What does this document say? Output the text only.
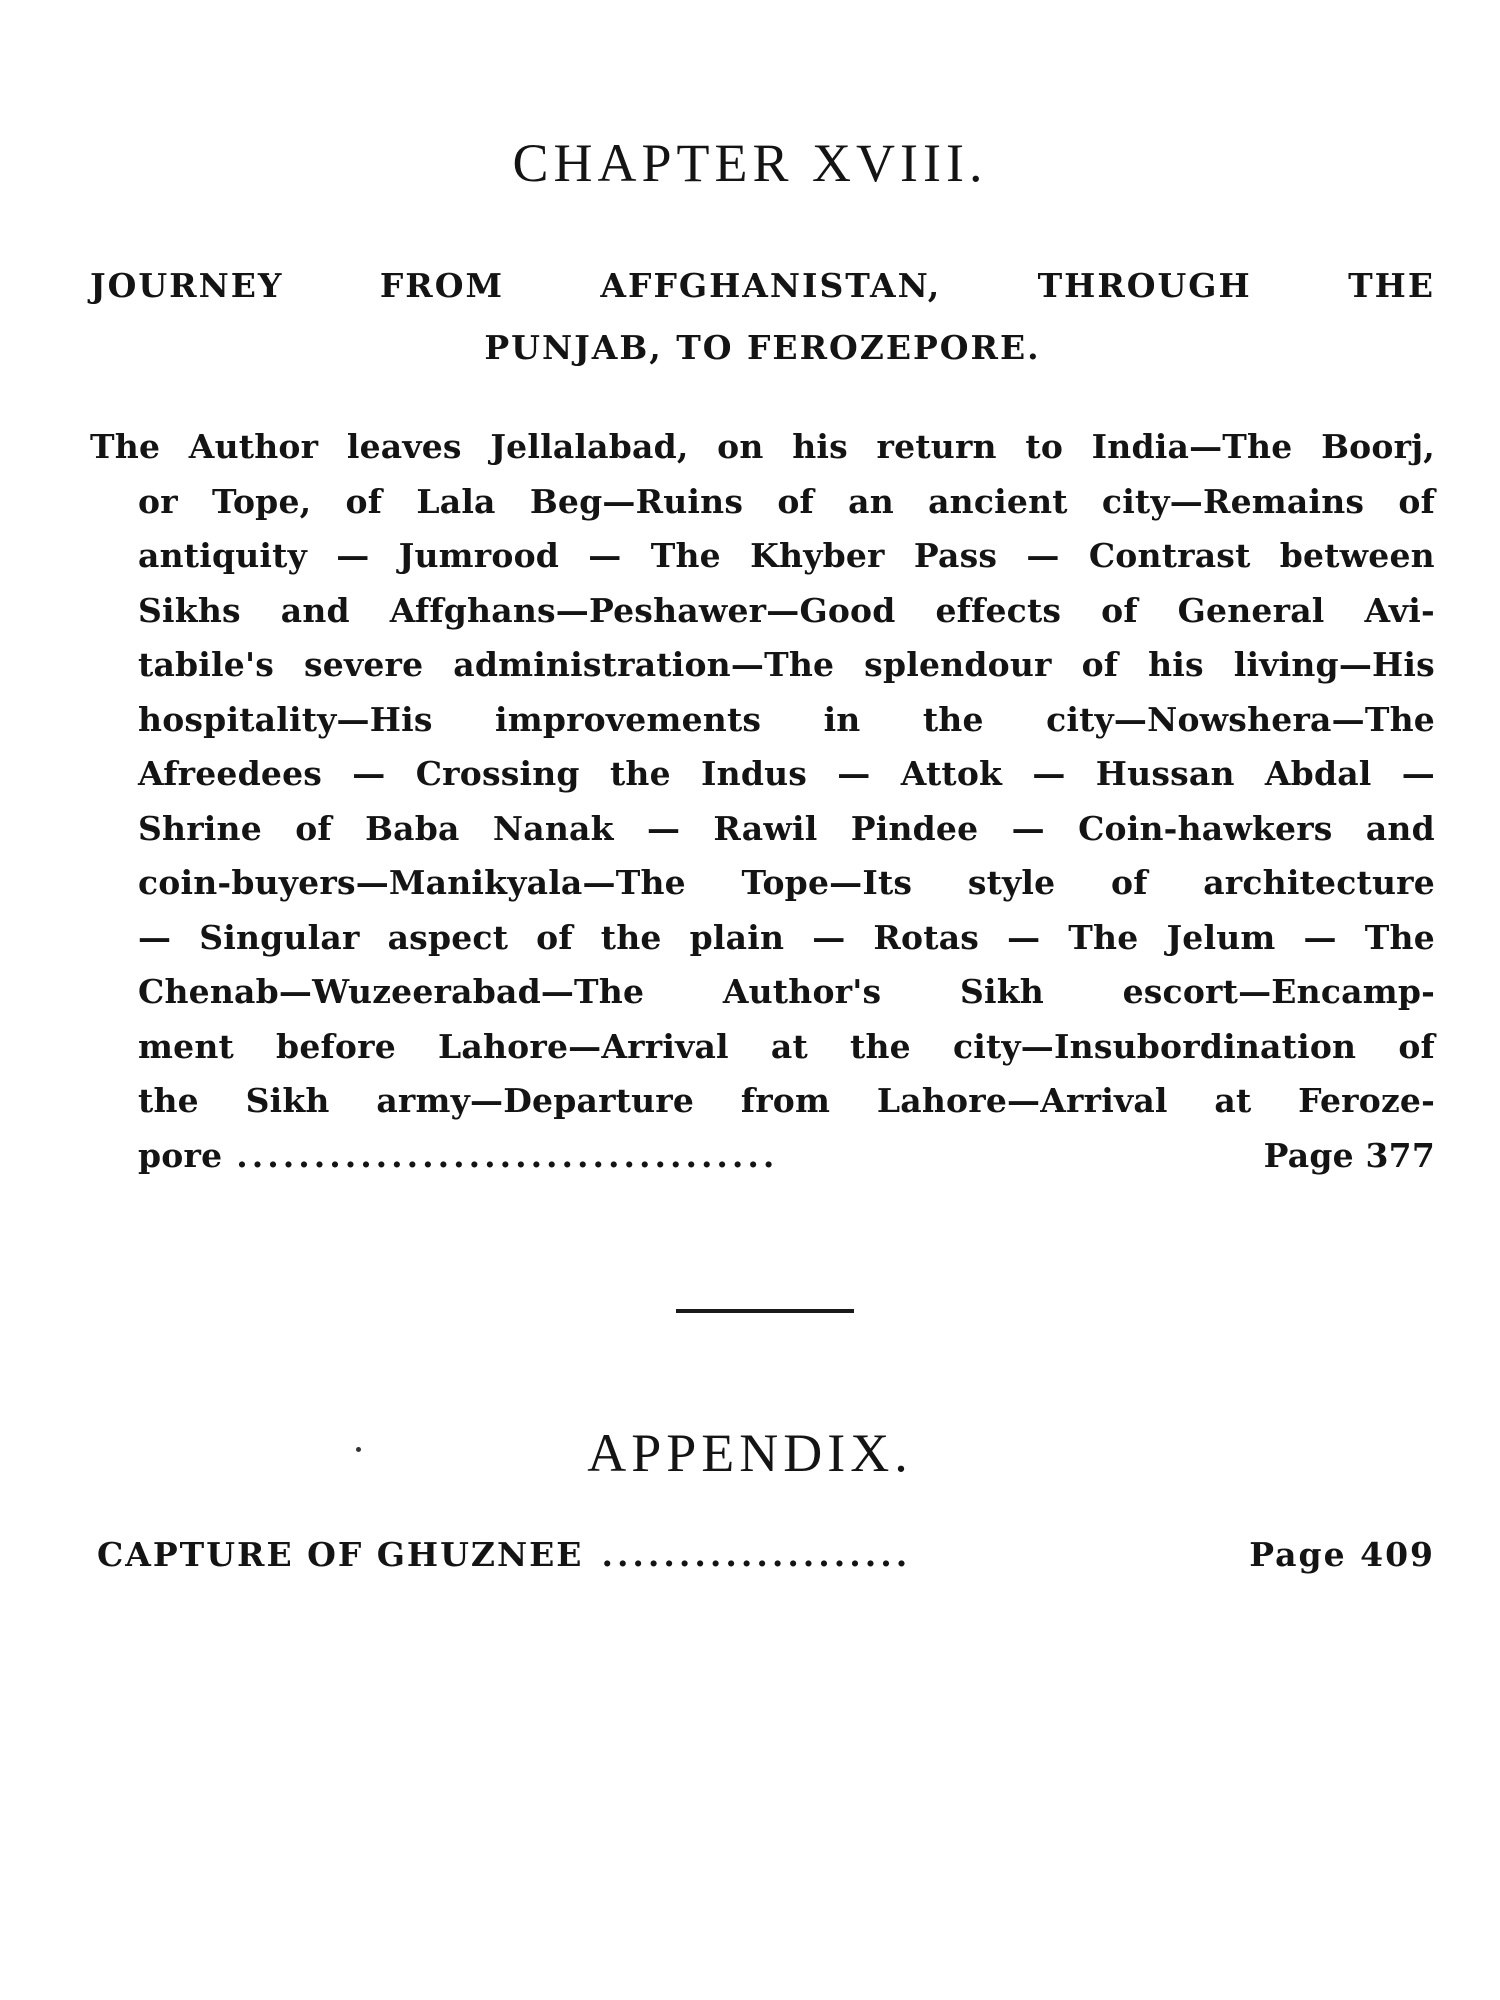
CHAPTER XVIII.
JOURNEY	FROM	AFFGHANISTAN,	THROUGH	THE
PUNJAB, TO FEROZEPORE.
The Author leaves Jellalabad, on his return to India—The Boorj,
or Tope, of Lala Beg—Ruins of an ancient city—Remains of
antiquity — Jumrood — The Khyber Pass — Contrast between
Sikhs and Affghans—Peshawer—Good effects of General Avi-
tabile's severe administration—The splendour of his living—His
hospitality—His improvements in the city—Nowshera—The
Afreedees — Crossing the Indus — Attok — Hussan Abdal —
Shrine of Baba Nanak — Rawil Pindee — Coin-hawkers and
coin-buyers—Manikyala—The Tope—Its style of architecture
— Singular aspect of the plain — Rotas — The Jelum — The
Chenab—Wuzeerabad—The Author's Sikh escort—Encamp-
ment before Lahore—Arrival at the city—Insubordination of
the Sikh army—Departure from Lahore—Arrival at Feroze-
pore ...................................	Page 377
APPENDIX.
CAPTURE OF GHUZNEE ....................	Page 409
